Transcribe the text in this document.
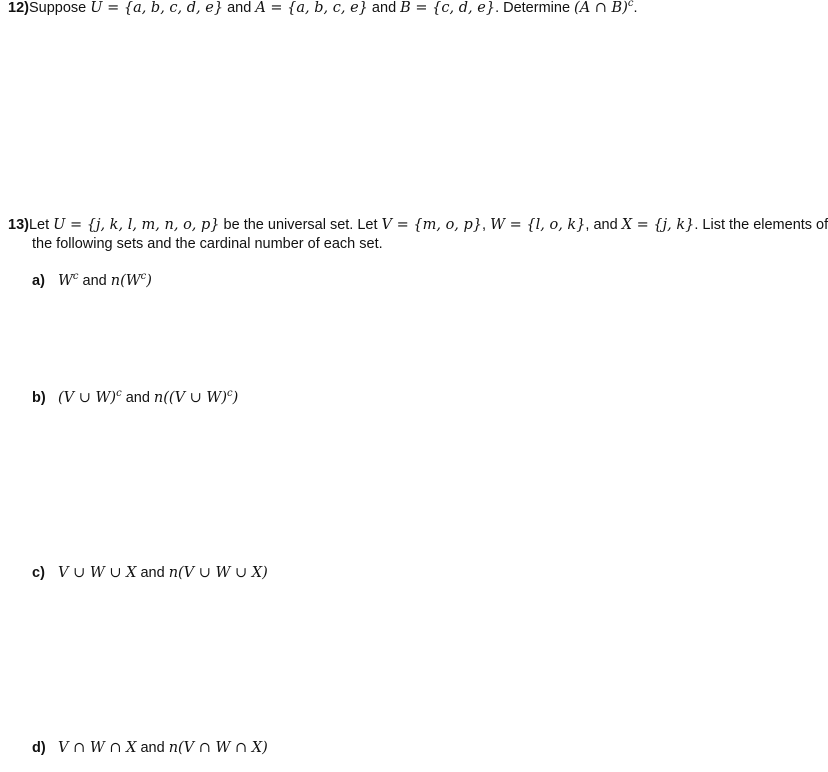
12)Suppose U = {a, b, c, d, e} and A = {a, b, c, e} and B = {c, d, e}. Determine (A ∩ B)$^c$.
13)Let U = {j, k, l, m, n, o, p} be the universal set. Let V = {m, o, p}, W = {l, o, k}, and X = {j, k}. List the elements of
the following sets and the cardinal number of each set.
a) $W^c$ and $n(W^c)$
b) (V ∪ W)$^c$ and n((V ∪ W)$^c$)
c) V ∪ W ∪ X and n(V ∪ W ∪ X)
d) V ∩ W ∩ X and n(V ∩ W ∩ X)
